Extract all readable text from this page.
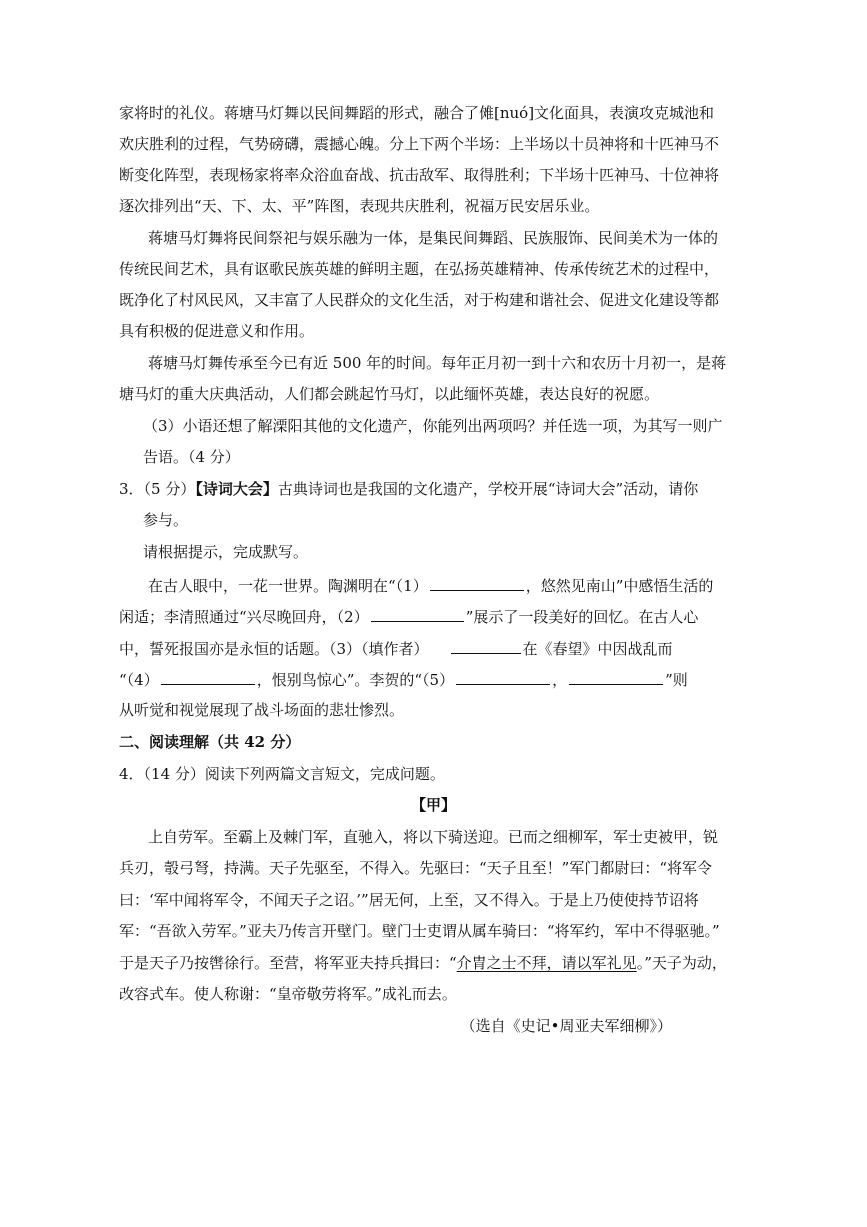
家将时的礼仪。蒋塘马灯舞以民间舞蹈的形式，融合了傩[nuó]文化面具，表演攻克城池和
欢庆胜利的过程，气势磅礴，震撼心魄。分上下两个半场：上半场以十员神将和十匹神马不
断变化阵型，表现杨家将率众浴血奋战、抗击敌军、取得胜利；下半场十匹神马、十位神将
逐次排列出“天、下、太、平”阵图，表现共庆胜利，祝福万民安居乐业。
蒋塘马灯舞将民间祭祀与娱乐融为一体，是集民间舞蹈、民族服饰、民间美术为一体的
传统民间艺术，具有讴歌民族英雄的鲜明主题，在弘扬英雄精神、传承传统艺术的过程中，
既净化了村风民风，又丰富了人民群众的文化生活，对于构建和谐社会、促进文化建设等都
具有积极的促进意义和作用。
蒋塘马灯舞传承至今已有近 500 年的时间。每年正月初一到十六和农历十月初一，是蒋
塘马灯的重大庆典活动，人们都会跳起竹马灯，以此缅怀英雄，表达良好的祝愿。
（3）小语还想了解溧阳其他的文化遗产，你能列出两项吗？并任选一项，为其写一则广
告语。（4 分）
3．（5 分）【诗词大会】古典诗词也是我国的文化遗产，学校开展“诗词大会”活动，请你
参与。
请根据提示，完成默写。
在古人眼中，一花一世界。陶渊明在“（1）	，悠然见南山”中感悟生活的
闲适；李清照通过“兴尽晚回舟，（2）	”展示了一段美好的回忆。在古人心
中，誓死报国亦是永恒的话题。（3）（填作者）	在《春望》中因战乱而
“（4）	，恨别鸟惊心”。李贺的“（5）	，	”则
从听觉和视觉展现了战斗场面的悲壮惨烈。
二、阅读理解（共 42 分）
4．（14 分）阅读下列两篇文言短文，完成问题。
【甲】
上自劳军。至霸上及棘门军，直驰入，将以下骑送迎。已而之细柳军，军士吏被甲，锐
兵刃，彀弓弩，持满。天子先驱至，不得入。先驱曰：“天子且至！”军门都尉曰：“将军令
曰：‘军中闻将军令，不闻天子之诏。’”居无何，上至，又不得入。于是上乃使使持节诏将
军：“吾欲入劳军。”亚夫乃传言开壁门。壁门士吏谓从属车骑曰：“将军约，军中不得驱驰。”
于是天子乃按辔徐行。至营，将军亚夫持兵揖曰：“介胄之士不拜，请以军礼见。”天子为动，
改容式车。使人称谢：“皇帝敬劳将军。”成礼而去。
（选自《史记•周亚夫军细柳》）
